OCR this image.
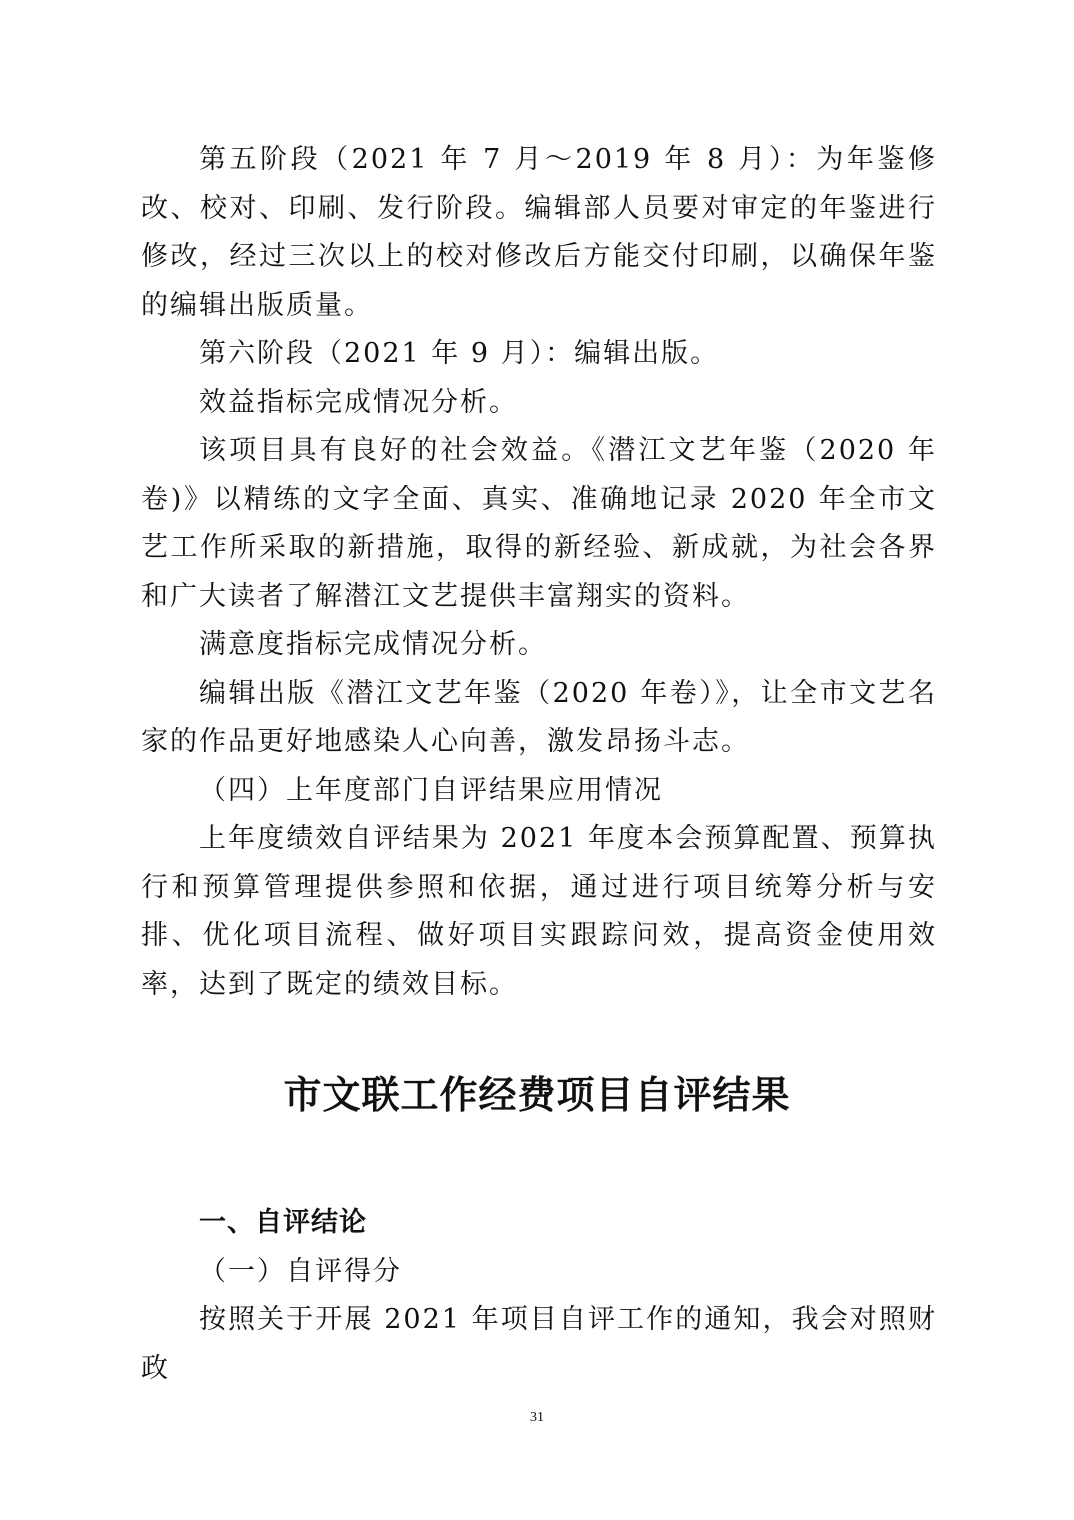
第五阶段（2021 年 7 月～2019 年 8 月）：为年鉴修改、校对、印刷、发行阶段。编辑部人员要对审定的年鉴进行修改，经过三次以上的校对修改后方能交付印刷，以确保年鉴的编辑出版质量。

第六阶段（2021 年 9 月）：编辑出版。

效益指标完成情况分析。

该项目具有良好的社会效益。《潜江文艺年鉴（2020 年卷)》以精练的文字全面、真实、准确地记录 2020 年全市文艺工作所采取的新措施，取得的新经验、新成就，为社会各界和广大读者了解潜江文艺提供丰富翔实的资料。

满意度指标完成情况分析。

编辑出版《潜江文艺年鉴（2020 年卷）》，让全市文艺名家的作品更好地感染人心向善，激发昂扬斗志。

（四）上年度部门自评结果应用情况

上年度绩效自评结果为 2021 年度本会预算配置、预算执行和预算管理提供参照和依据，通过进行项目统筹分析与安排、优化项目流程、做好项目实跟踪问效，提高资金使用效率，达到了既定的绩效目标。

市文联工作经费项目自评结果

一、自评结论

（一）自评得分

按照关于开展 2021 年项目自评工作的通知，我会对照财政

31
